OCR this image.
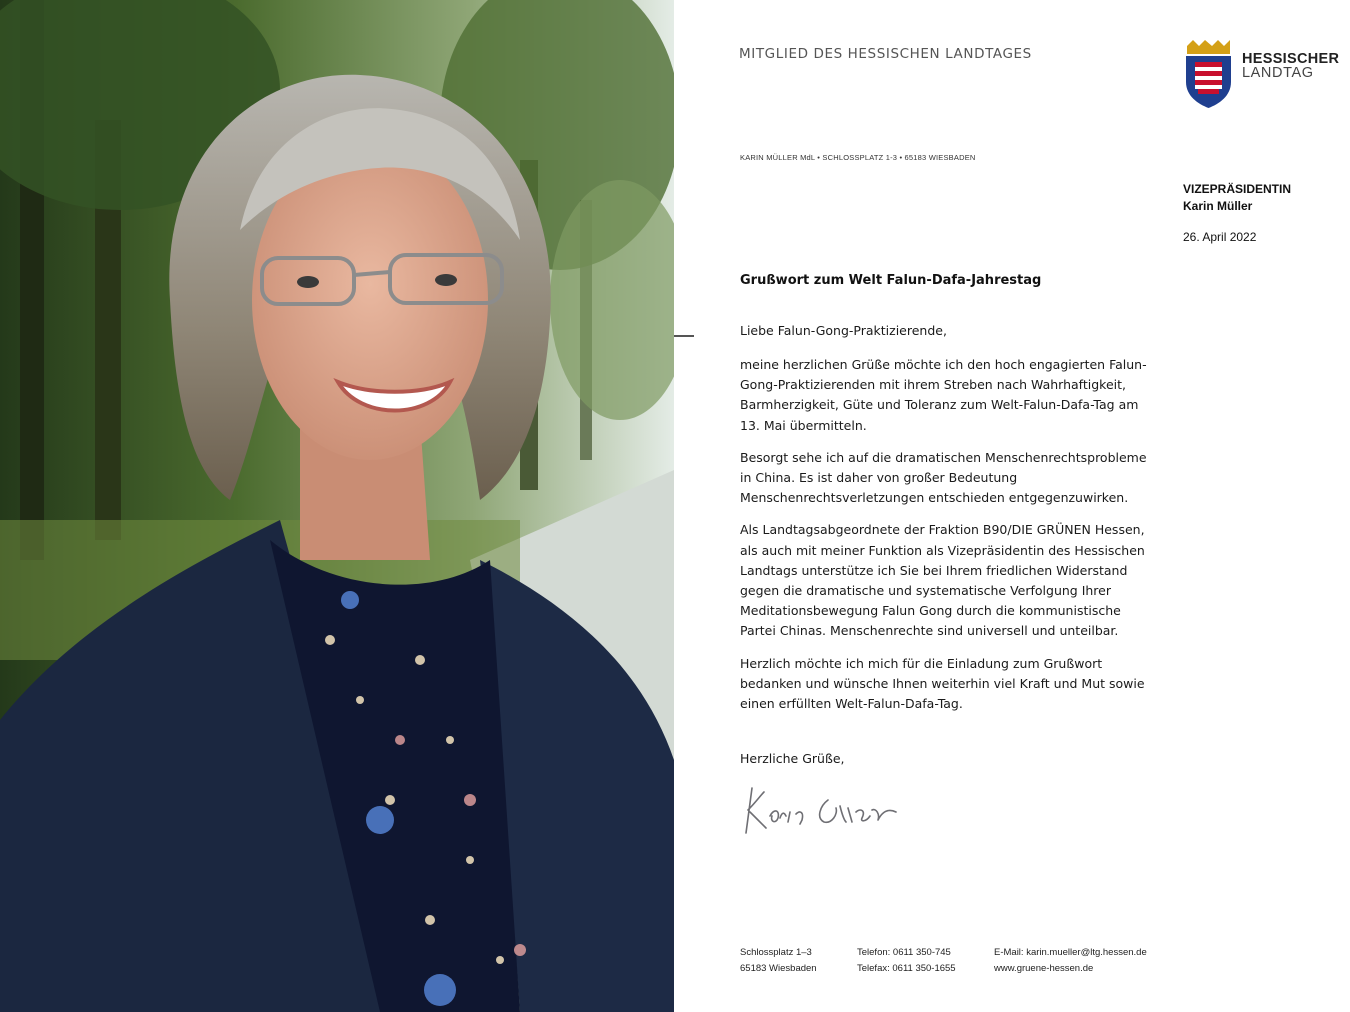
MITGLIED DES HESSISCHEN LANDTAGES	HESSISCHER
LANDTAG
KARIN MÜLLER MdL • SCHLOSSPLATZ 1-3 • 65183 WIESBADEN
VIZEPRÄSIDENTIN
Karin Müller
26. April 2022
Grußwort zum Welt Falun-Dafa-Jahrestag
Liebe Falun-Gong-Praktizierende,

meine herzlichen Grüße möchte ich den hoch engagierten Falun-Gong-Praktizierenden mit ihrem Streben nach Wahrhaftigkeit, Barmherzigkeit, Güte und Toleranz zum Welt-Falun-Dafa-Tag am 13. Mai übermitteln.

Besorgt sehe ich auf die dramatischen Menschenrechtsprobleme in China. Es ist daher von großer Bedeutung Menschenrechtsverletzungen entschieden entgegenzuwirken.

Als Landtagsabgeordnete der Fraktion B90/DIE GRÜNEN Hessen, als auch mit meiner Funktion als Vizepräsidentin des Hessischen Landtags unterstütze ich Sie bei Ihrem friedlichen Widerstand gegen die dramatische und systematische Verfolgung Ihrer Meditationsbewegung Falun Gong durch die kommunistische Partei Chinas. Menschenrechte sind universell und unteilbar.

Herzlich möchte ich mich für die Einladung zum Grußwort bedanken und wünsche Ihnen weiterhin viel Kraft und Mut sowie einen erfüllten Welt-Falun-Dafa-Tag.

Herzliche Grüße,
Schlossplatz 1–3
65183 Wiesbaden
Telefon: 0611 350-745
Telefax: 0611 350-1655
E-Mail: karin.mueller@ltg.hessen.de
www.gruene-hessen.de
